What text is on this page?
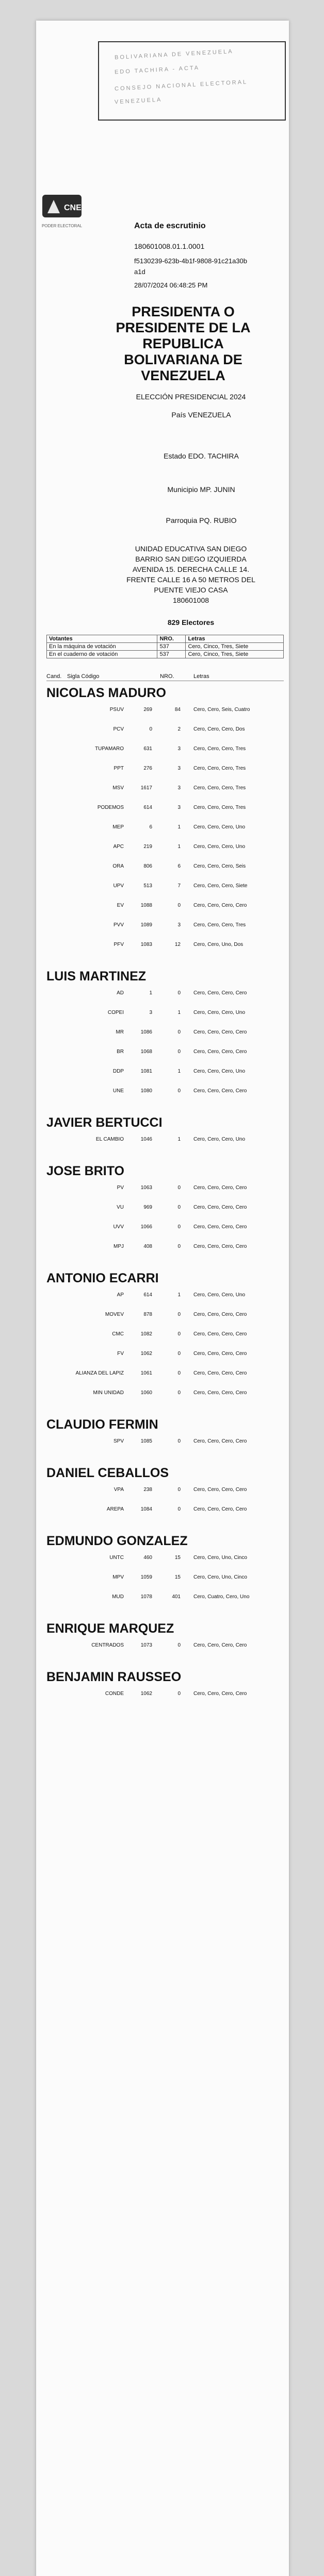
BOLIVARIANA DE VENEZUELA
EDO TACHIRA - ACTA
CONSEJO NACIONAL ELECTORAL
VENEZUELA
CNE
PODER ELECTORAL	Acta de escrutinio
180601008.01.1.0001
f5130239-623b-4b1f-9808-91c21a30ba1d
28/07/2024 06:48:25 PM
PRESIDENTA O
PRESIDENTE DE LA
REPUBLICA
BOLIVARIANA DE
VENEZUELA
ELECCIÓN PRESIDENCIAL 2024
País VENEZUELA
Estado EDO. TACHIRA
Municipio MP. JUNIN
Parroquia PQ. RUBIO
UNIDAD EDUCATIVA SAN DIEGO
BARRIO SAN DIEGO IZQUIERDA
AVENIDA 15. DERECHA CALLE 14.
FRENTE CALLE 16 A 50 METROS DEL
PUENTE VIEJO CASA
180601008
829 Electores
Votantes	NRO.	Letras
En la máquina de votación	537	Cero, Cinco, Tres, Siete
En el cuaderno de votación	537	Cero, Cinco, Tres, Siete
Cand. Sigla Código	NRO.	Letras
NICOLAS MADURO
PSUV	269	84	Cero, Cero, Seis, Cuatro
PCV	0	2	Cero, Cero, Cero, Dos
TUPAMARO	631	3	Cero, Cero, Cero, Tres
PPT	276	3	Cero, Cero, Cero, Tres
MSV	1617	3	Cero, Cero, Cero, Tres
PODEMOS	614	3	Cero, Cero, Cero, Tres
MEP	6	1	Cero, Cero, Cero, Uno
APC	219	1	Cero, Cero, Cero, Uno
ORA	806	6	Cero, Cero, Cero, Seis
UPV	513	7	Cero, Cero, Cero, Siete
EV	1088	0	Cero, Cero, Cero, Cero
PVV	1089	3	Cero, Cero, Cero, Tres
PFV	1083	12	Cero, Cero, Uno, Dos
LUIS MARTINEZ
AD	1	0	Cero, Cero, Cero, Cero
COPEI	3	1	Cero, Cero, Cero, Uno
MR	1086	0	Cero, Cero, Cero, Cero
BR	1068	0	Cero, Cero, Cero, Cero
DDP	1081	1	Cero, Cero, Cero, Uno
UNE	1080	0	Cero, Cero, Cero, Cero
JAVIER BERTUCCI
EL CAMBIO	1046	1	Cero, Cero, Cero, Uno
JOSE BRITO
PV	1063	0	Cero, Cero, Cero, Cero
VU	969	0	Cero, Cero, Cero, Cero
UVV	1066	0	Cero, Cero, Cero, Cero
MPJ	408	0	Cero, Cero, Cero, Cero
ANTONIO ECARRI
AP	614	1	Cero, Cero, Cero, Uno
MOVEV	878	0	Cero, Cero, Cero, Cero
CMC	1082	0	Cero, Cero, Cero, Cero
FV	1062	0	Cero, Cero, Cero, Cero
ALIANZA DEL LAPIZ	1061	0	Cero, Cero, Cero, Cero
MIN UNIDAD	1060	0	Cero, Cero, Cero, Cero
CLAUDIO FERMIN
SPV	1085	0	Cero, Cero, Cero, Cero
DANIEL CEBALLOS
VPA	238	0	Cero, Cero, Cero, Cero
AREPA	1084	0	Cero, Cero, Cero, Cero
EDMUNDO GONZALEZ
UNTC	460	15	Cero, Cero, Uno, Cinco
MPV	1059	15	Cero, Cero, Uno, Cinco
MUD	1078	401	Cero, Cuatro, Cero, Uno
ENRIQUE MARQUEZ
CENTRADOS	1073	0	Cero, Cero, Cero, Cero
BENJAMIN RAUSSEO
CONDE	1062	0	Cero, Cero, Cero, Cero
